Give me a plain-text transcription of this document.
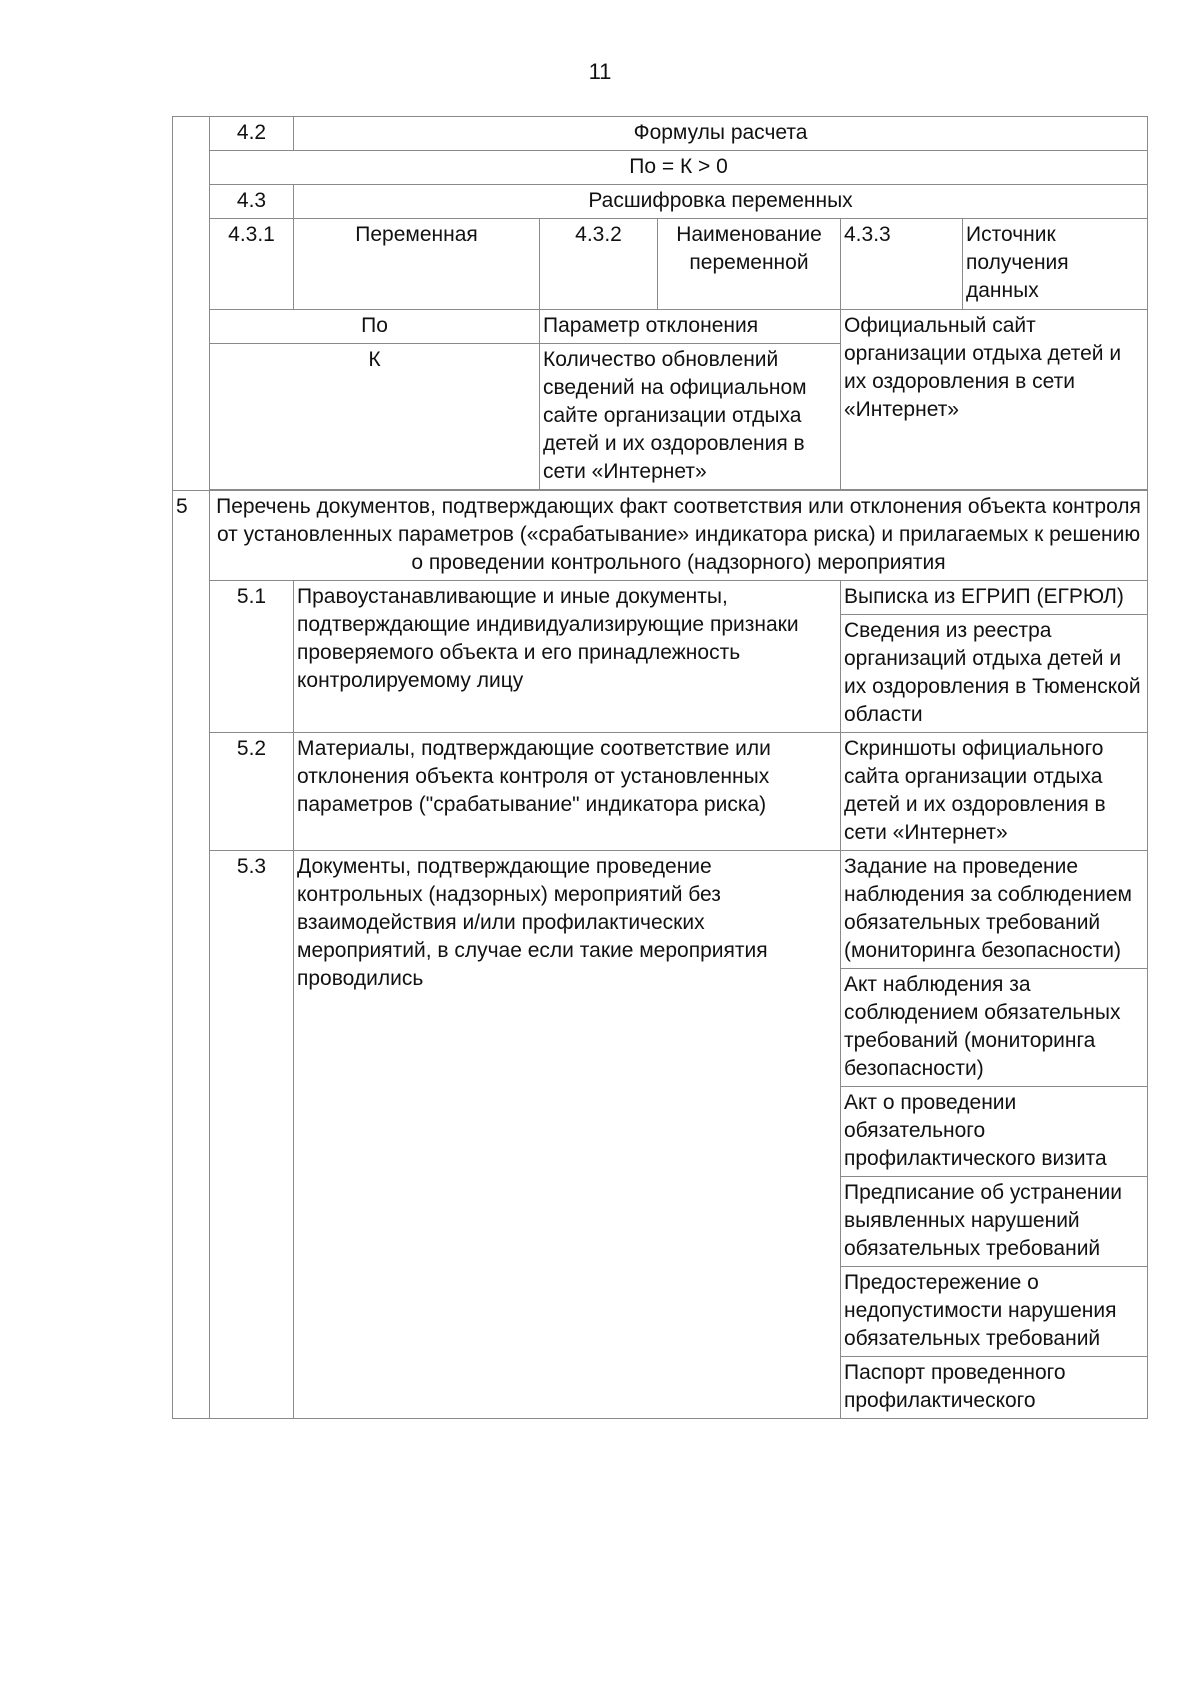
11
	4.2	Формулы расчета				
	По = К > 0					
	4.3	Расшифровка переменных				
	4.3.1	Переменная	4.3.2	Наименование переменной	4.3.3	Источник получения данных
	По		Параметр отклонения		Официальный сайт организации отдыха детей и их оздоровления в сети «Интернет»	
	К		Количество обновлений сведений на официальном сайте организации отдыха детей и их оздоровления в сети «Интернет»			

5	Перечень документов, подтверждающих факт соответствия или отклонения объекта контроля от установленных параметров («срабатывание» индикатора риска) и прилагаемых к решению о проведении контрольного (надзорного) мероприятия					
	5.1	Правоустанавливающие и иные документы, подтверждающие индивидуализирующие признаки проверяемого объекта и его принадлежность контролируемому лицу			Выписка из ЕГРИП (ЕГРЮЛ)	
					Сведения из реестра организаций отдыха детей и их оздоровления в Тюменской области	
	5.2	Материалы, подтверждающие соответствие или отклонения объекта контроля от установленных параметров ("срабатывание" индикатора риска)			Скриншоты официального сайта организации отдыха детей и их оздоровления в сети «Интернет»	
	5.3	Документы, подтверждающие проведение контрольных (надзорных) мероприятий без взаимодействия и/или профилактических мероприятий, в случае если такие мероприятия проводились			Задание на проведение наблюдения за соблюдением обязательных требований (мониторинга безопасности)	
					Акт наблюдения за соблюдением обязательных требований (мониторинга безопасности)	
					Акт о проведении обязательного профилактического визита	
					Предписание об устранении выявленных нарушений обязательных требований	
					Предостережение о недопустимости нарушения обязательных требований	
					Паспорт проведенного профилактического	
